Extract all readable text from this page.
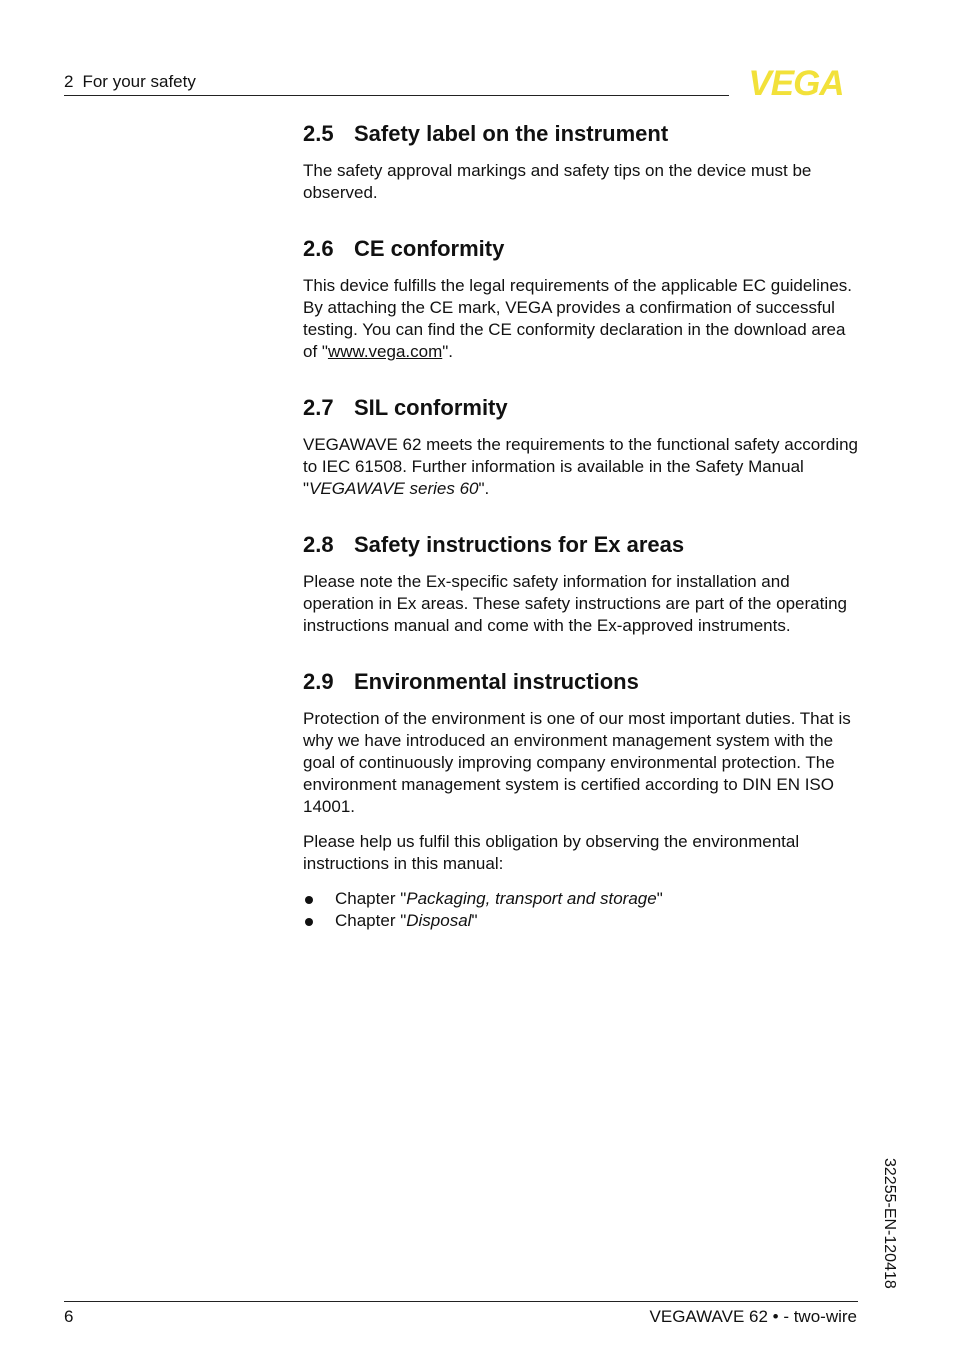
2 For your safety	VEGA
2.5 Safety label on the instrument

The safety approval markings and safety tips on the device must be observed.

2.6 CE conformity

This device fulfills the legal requirements of the applicable EC guidelines. By attaching the CE mark, VEGA provides a confirmation of successful testing. You can find the CE conformity declaration in the download area of "www.vega.com".

2.7 SIL conformity

VEGAWAVE 62 meets the requirements to the functional safety according to IEC 61508. Further information is available in the Safety Manual "VEGAWAVE series 60".

2.8 Safety instructions for Ex areas

Please note the Ex-specific safety information for installation and operation in Ex areas. These safety instructions are part of the operating instructions manual and come with the Ex-approved instruments.

2.9 Environmental instructions

Protection of the environment is one of our most important duties. That is why we have introduced an environment management system with the goal of continuously improving company environmental protection. The environment management system is certified according to DIN EN ISO 14001.

Please help us fulfil this obligation by observing the environmental instructions in this manual:

Chapter "Packaging, transport and storage"
Chapter "Disposal"
32255-EN-120418
6	VEGAWAVE 62 • - two-wire
